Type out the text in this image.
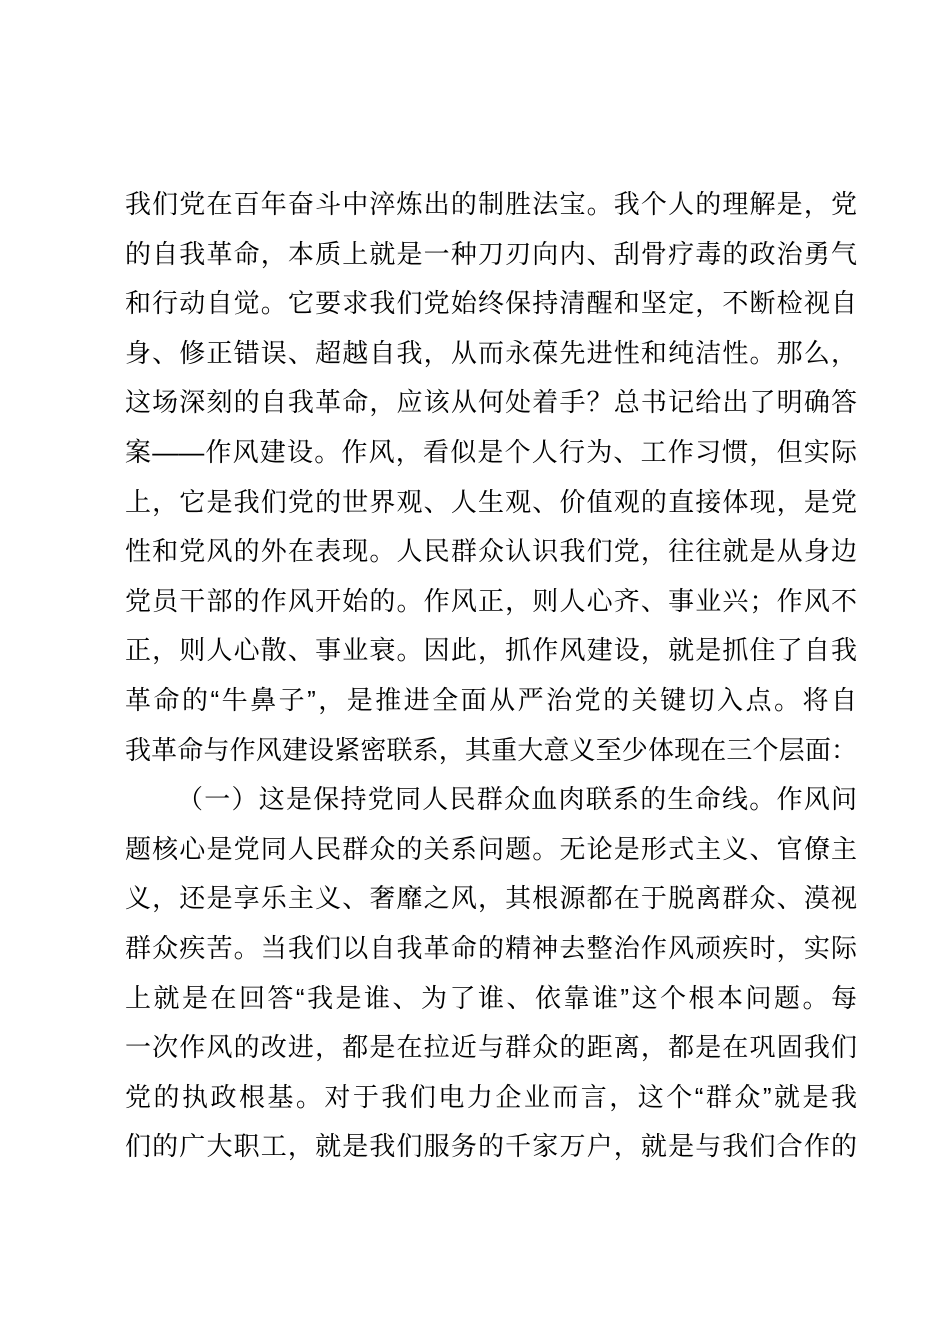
我们党在百年奋斗中淬炼出的制胜法宝。我个人的理解是，党
的自我革命，本质上就是一种刀刃向内、刮骨疗毒的政治勇气
和行动自觉。它要求我们党始终保持清醒和坚定，不断检视自
身、修正错误、超越自我，从而永葆先进性和纯洁性。那么，
这场深刻的自我革命，应该从何处着手？总书记给出了明确答
案——作风建设。作风，看似是个人行为、工作习惯，但实际
上，它是我们党的世界观、人生观、价值观的直接体现，是党
性和党风的外在表现。人民群众认识我们党，往往就是从身边
党员干部的作风开始的。作风正，则人心齐、事业兴；作风不
正，则人心散、事业衰。因此，抓作风建设，就是抓住了自我
革命的“牛鼻子”，是推进全面从严治党的关键切入点。将自
我革命与作风建设紧密联系，其重大意义至少体现在三个层面：
（一）这是保持党同人民群众血肉联系的生命线。作风问
题核心是党同人民群众的关系问题。无论是形式主义、官僚主
义，还是享乐主义、奢靡之风，其根源都在于脱离群众、漠视
群众疾苦。当我们以自我革命的精神去整治作风顽疾时，实际
上就是在回答“我是谁、为了谁、依靠谁”这个根本问题。每
一次作风的改进，都是在拉近与群众的距离，都是在巩固我们
党的执政根基。对于我们电力企业而言，这个“群众”就是我
们的广大职工，就是我们服务的千家万户，就是与我们合作的
